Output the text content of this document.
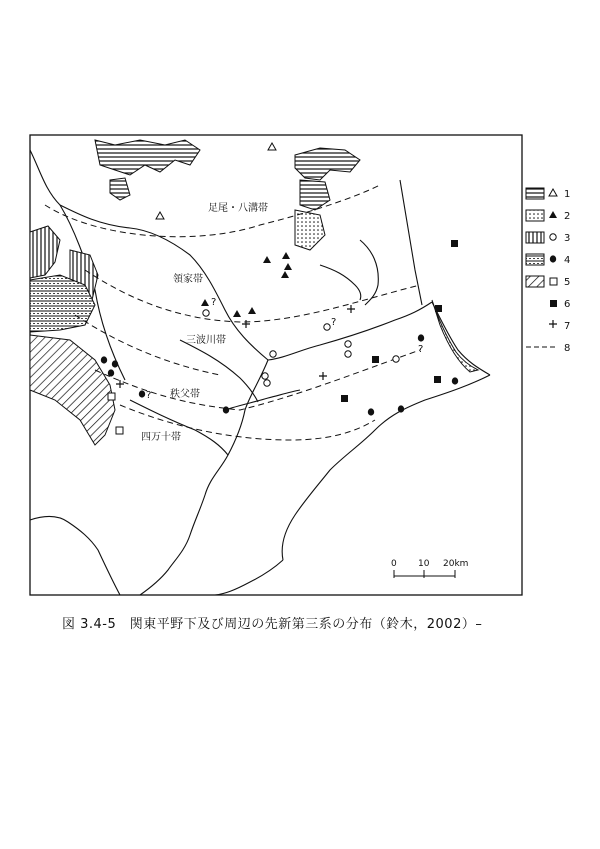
足尾・八溝帯
領家帯
三波川帯
秩父帯
四万十帯
?
?
?
?
1
2
3
4
5
6
7
8
0 10 20km
図 3.4-5　関東平野下及び周辺の先新第三系の分布（鈴木，2002）–
